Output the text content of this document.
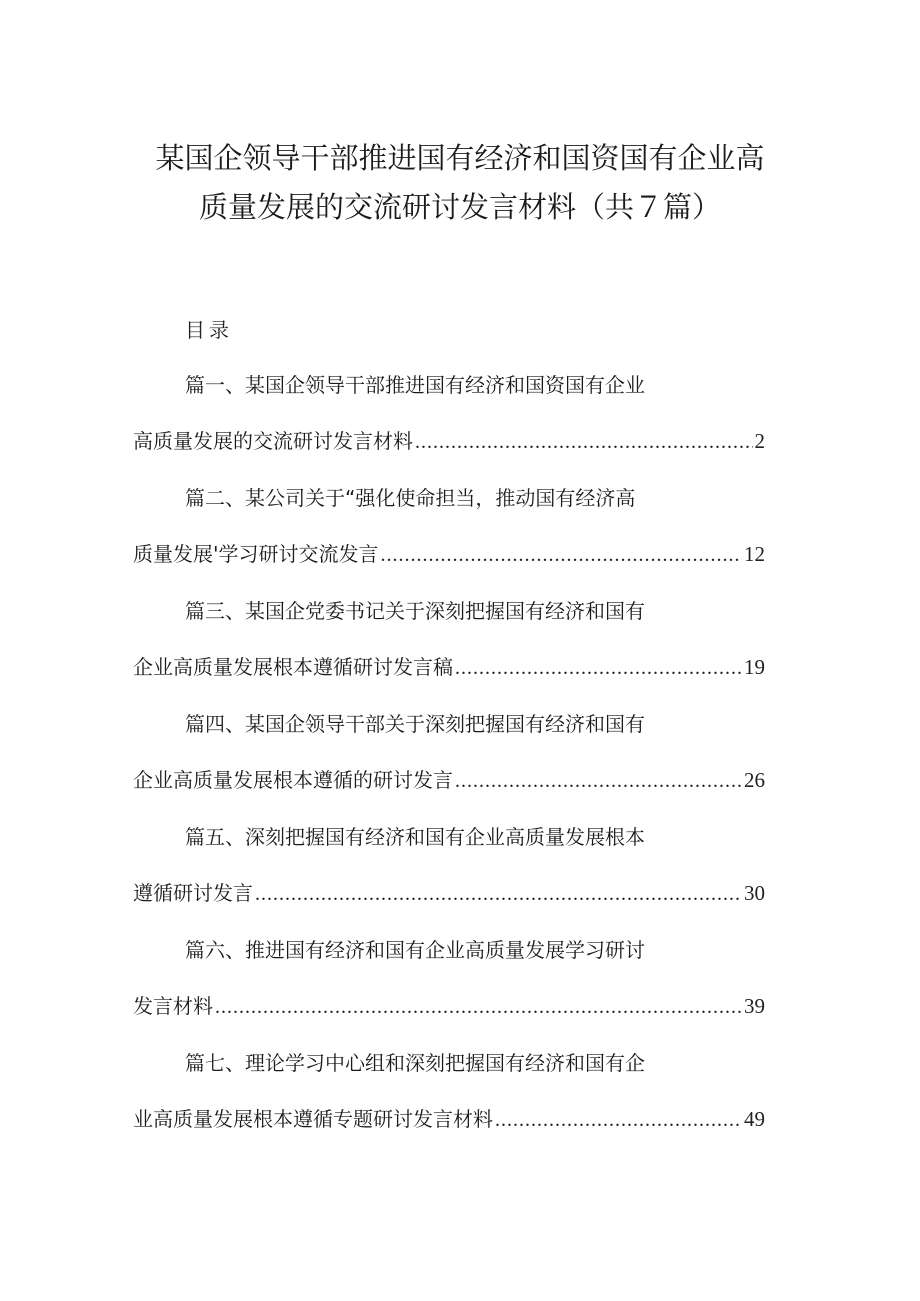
某国企领导干部推进国有经济和国资国有企业高质量发展的交流研讨发言材料（共７篇）
目录
篇一、某国企领导干部推进国有经济和国资国有企业
高质量发展的交流研讨发言材料 .....	2
篇二、某公司关于“强化使命担当，推动国有经济高
质量发展'学习研讨交流发言 .....	12
篇三、某国企党委书记关于深刻把握国有经济和国有
企业高质量发展根本遵循研讨发言稿 .....	19
篇四、某国企领导干部关于深刻把握国有经济和国有
企业高质量发展根本遵循的研讨发言 .....	26
篇五、深刻把握国有经济和国有企业高质量发展根本
遵循研讨发言 .....	30
篇六、推进国有经济和国有企业高质量发展学习研讨
发言材料 .....	39
篇七、理论学习中心组和深刻把握国有经济和国有企
业高质量发展根本遵循专题研讨发言材料 .....	49
